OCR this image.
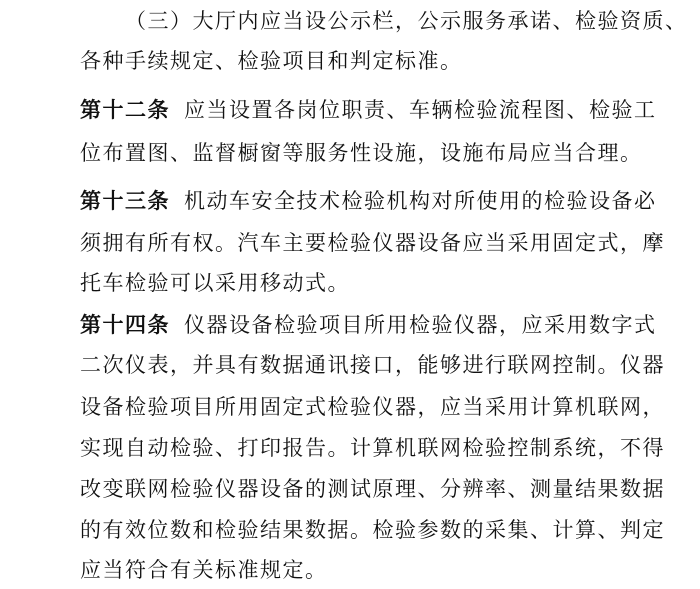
（三）大厅内应当设公示栏，公示服务承诺、检验资质、
各种手续规定、检验项目和判定标准。
第十二条 应当设置各岗位职责、车辆检验流程图、检验工
位布置图、监督橱窗等服务性设施，设施布局应当合理。
第十三条 机动车安全技术检验机构对所使用的检验设备必
须拥有所有权。汽车主要检验仪器设备应当采用固定式，摩
托车检验可以采用移动式。
第十四条 仪器设备检验项目所用检验仪器，应采用数字式
二次仪表，并具有数据通讯接口，能够进行联网控制。仪器
设备检验项目所用固定式检验仪器，应当采用计算机联网，
实现自动检验、打印报告。计算机联网检验控制系统，不得
改变联网检验仪器设备的测试原理、分辨率、测量结果数据
的有效位数和检验结果数据。检验参数的采集、计算、判定
应当符合有关标准规定。
